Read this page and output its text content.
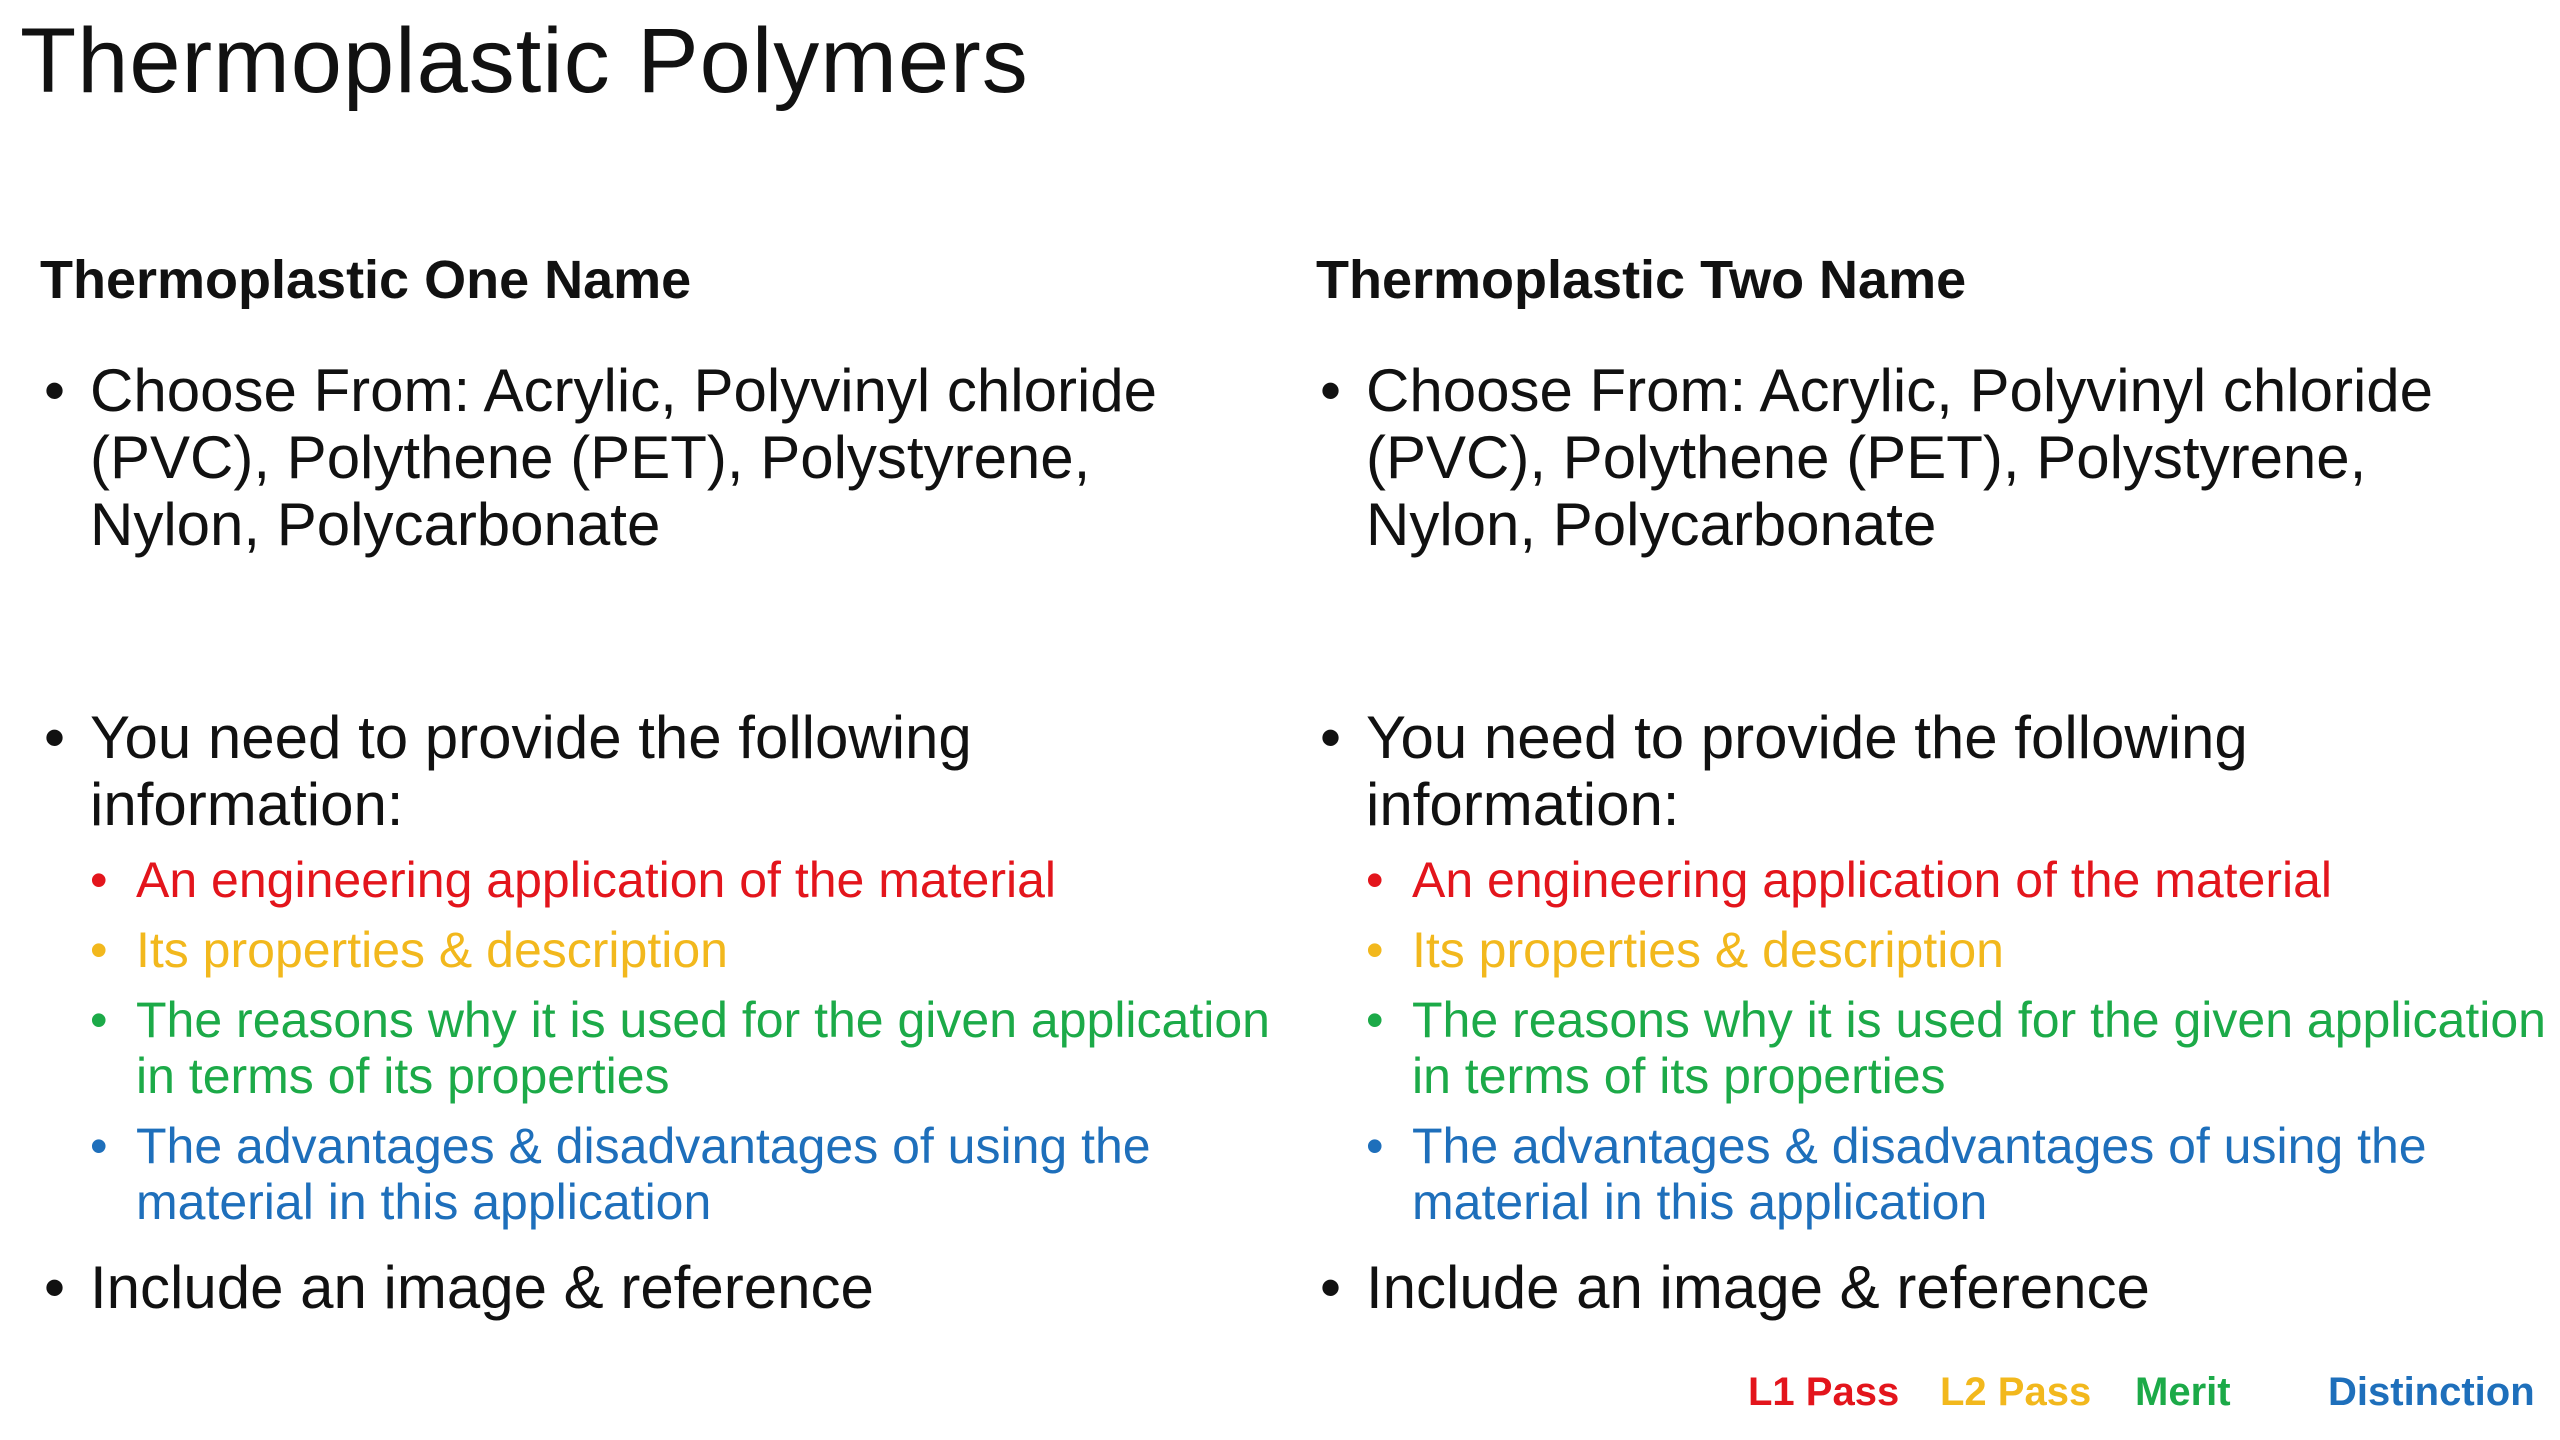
Thermoplastic Polymers
Thermoplastic One Name
• Choose From: Acrylic, Polyvinyl chloride (PVC), Polythene (PET), Polystyrene, Nylon, Polycarbonate
• You need to provide the following information:
• An engineering application of the material
• Its properties & description
• The reasons why it is used for the given application in terms of its properties
• The advantages & disadvantages of using the material in this application
• Include an image & reference
Thermoplastic Two Name
• Choose From: Acrylic, Polyvinyl chloride (PVC), Polythene (PET), Polystyrene, Nylon, Polycarbonate
• You need to provide the following information:
• An engineering application of the material
• Its properties & description
• The reasons why it is used for the given application in terms of its properties
• The advantages & disadvantages of using the material in this application
• Include an image & reference
L1 Pass L2 Pass Merit Distinction
